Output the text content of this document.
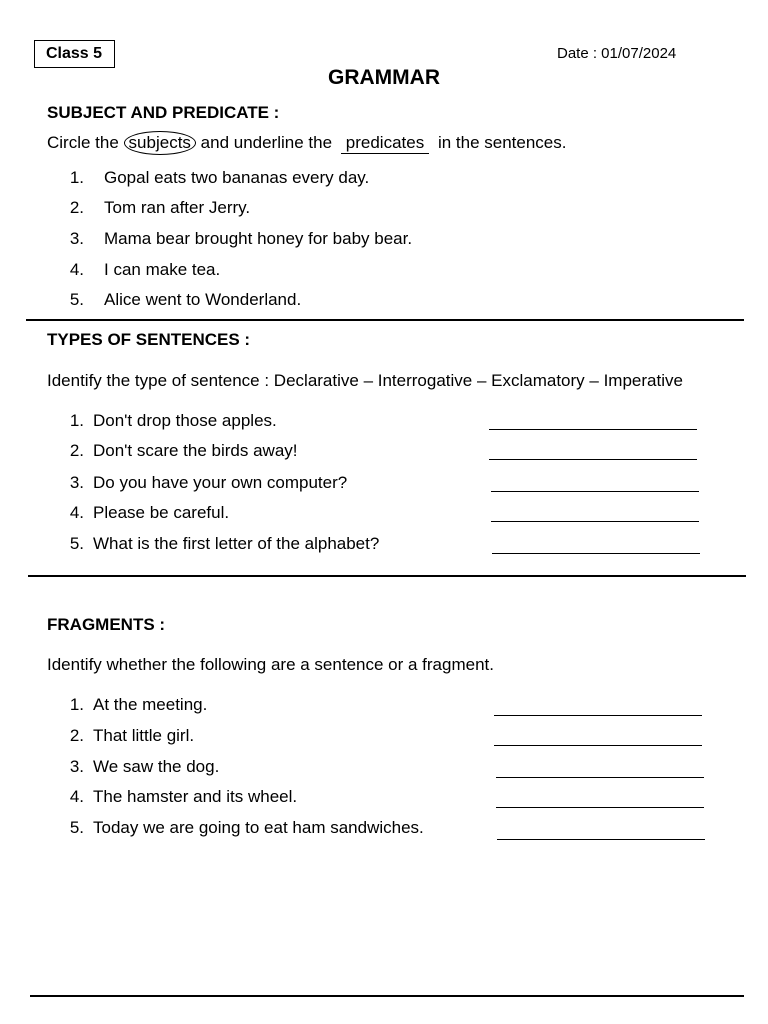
Class 5	Date : 01/07/2024
GRAMMAR
SUBJECT AND PREDICATE :
Circle the subjects and underline the predicates in the sentences.
1. Gopal eats two bananas every day.
2. Tom ran after Jerry.
3. Mama bear brought honey for baby bear.
4. I can make tea.
5. Alice went to Wonderland.
TYPES OF SENTENCES :
Identify the type of sentence : Declarative – Interrogative – Exclamatory – Imperative
1. Don't drop those apples.
2. Don't scare the birds away!
3. Do you have your own computer?
4. Please be careful.
5. What is the first letter of the alphabet?
FRAGMENTS :
Identify whether the following are a sentence or a fragment.
1. At the meeting.
2. That little girl.
3. We saw the dog.
4. The hamster and its wheel.
5. Today we are going to eat ham sandwiches.
